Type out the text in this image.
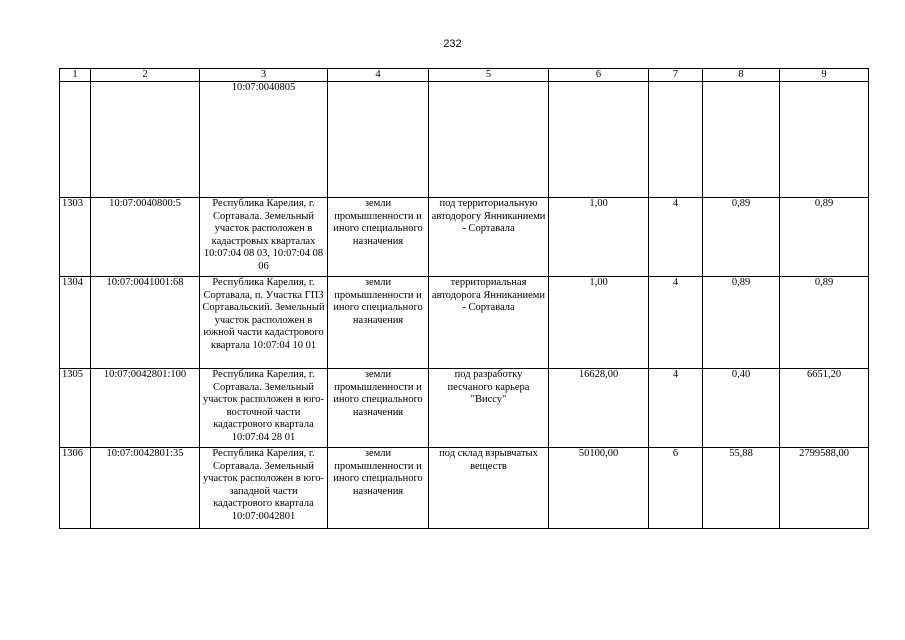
232
1	2	3	4	5	6	7	8	9
		10:07:0040805						
1303	10:07:0040800:5	Республика Карелия, г. Сортавала. Земельный участок расположен в кадастровых кварталах 10:07:04 08 03, 10:07:04 08 06	земли промышленности и иного специального назначения	под территориальную автодорогу Янниканиеми - Сортавала	1,00	4	0,89	0,89
1304	10:07:0041001:68	Республика Карелия, г. Сортавала, п. Участка ГПЗ Сортавальский. Земельный участок расположен в южной части кадастрового квартала 10:07:04 10 01	земли промышленности и иного специального назначения	территориальная автодорога Янниканиеми - Сортавала	1,00	4	0,89	0,89
1305	10:07:0042801:100	Республика Карелия, г. Сортавала. Земельный участок расположен в юго-восточной части кадастрового квартала 10:07:04 28 01	земли промышленности и иного специального назначения	под разработку песчаного карьера "Виссу"	16628,00	4	0,40	6651,20
1306	10:07:0042801:35	Республика Карелия, г. Сортавала. Земельный участок расположен в юго-западной части кадастрового квартала 10:07:0042801	земли промышленности и иного специального назначения	под склад взрывчатых веществ	50100,00	6	55,88	2799588,00
